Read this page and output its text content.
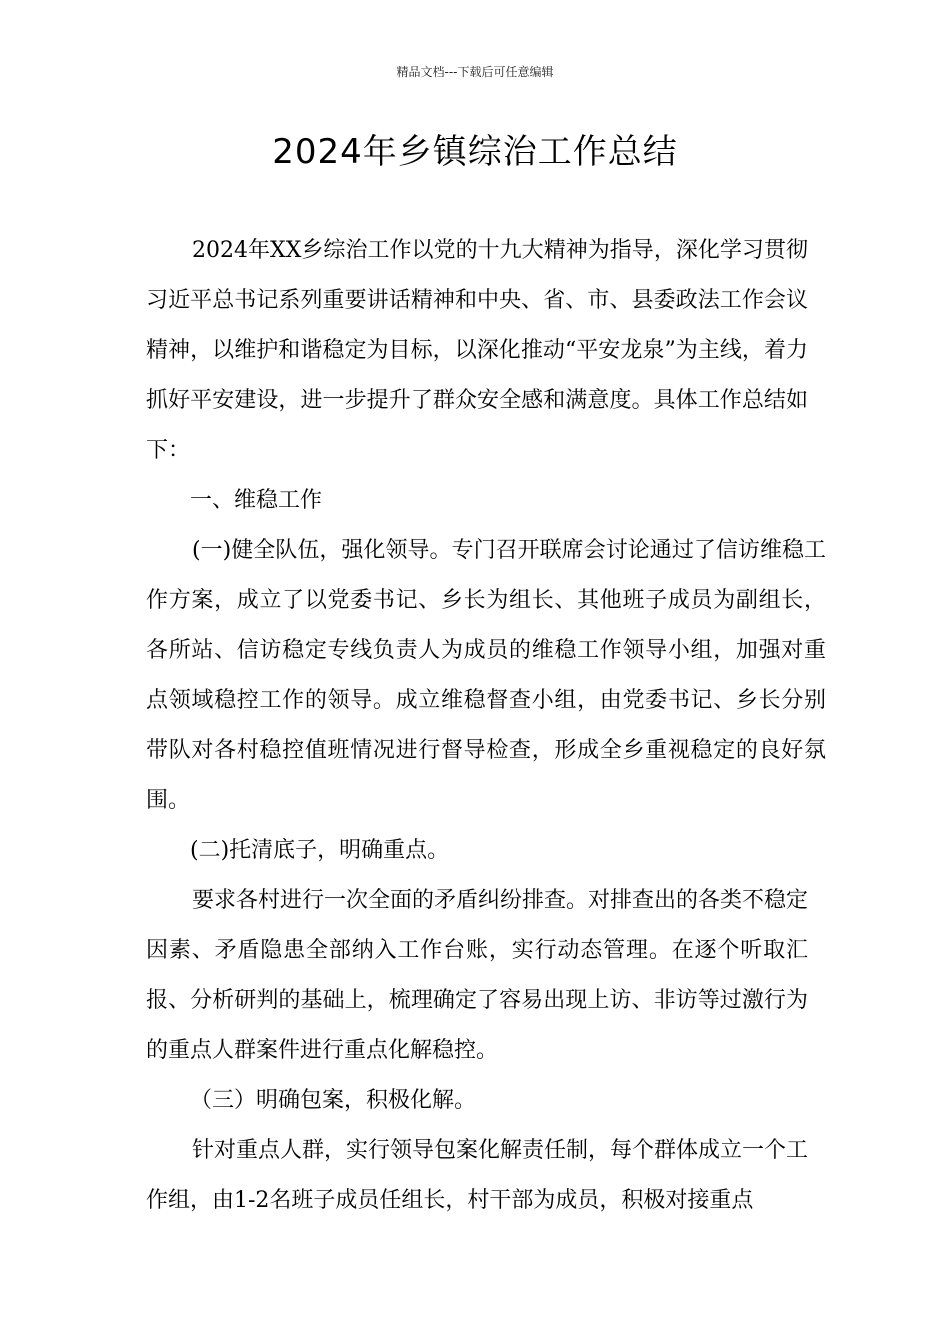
精品文档---下载后可任意编辑
2024年乡镇综治工作总结

2024年XX乡综治工作以党的十九大精神为指导，深化学习贯彻习近平总书记系列重要讲话精神和中央、省、市、县委政法工作会议精神，以维护和谐稳定为目标，以深化推动“平安龙泉”为主线，着力抓好平安建设，进一步提升了群众安全感和满意度。具体工作总结如下：

一、维稳工作

(一)健全队伍，强化领导。专门召开联席会讨论通过了信访维稳工作方案，成立了以党委书记、乡长为组长、其他班子成员为副组长，各所站、信访稳定专线负责人为成员的维稳工作领导小组，加强对重点领域稳控工作的领导。成立维稳督查小组，由党委书记、乡长分别带队对各村稳控值班情况进行督导检查，形成全乡重视稳定的良好氛围。

(二)托清底子，明确重点。

要求各村进行一次全面的矛盾纠纷排查。对排查出的各类不稳定因素、矛盾隐患全部纳入工作台账，实行动态管理。在逐个听取汇报、分析研判的基础上，梳理确定了容易出现上访、非访等过激行为的重点人群案件进行重点化解稳控。

（三）明确包案，积极化解。

针对重点人群，实行领导包案化解责任制，每个群体成立一个工作组，由1-2名班子成员任组长，村干部为成员，积极对接重点
